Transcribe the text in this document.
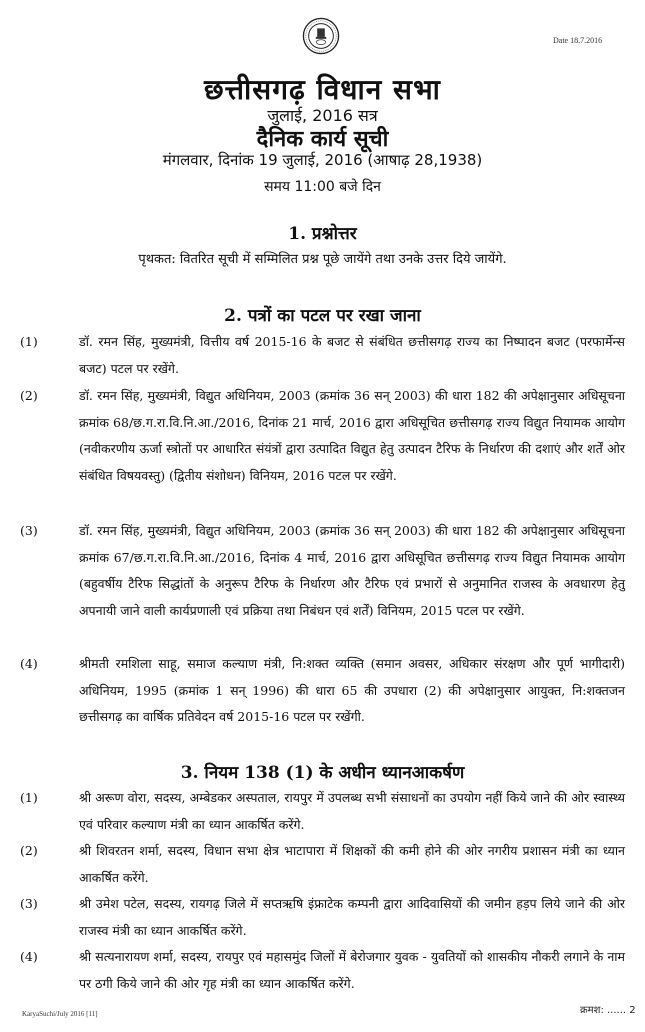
Date 18.7.2016
छत्तीसगढ़ विधान सभा
जुलाई, 2016 सत्र
दैनिक कार्य सूची
मंगलवार, दिनांक 19 जुलाई, 2016 (आषाढ़ 28,1938)
समय 11:00 बजे दिन
1. प्रश्नोत्तर
पृथकत: वितरित सूची में सम्मिलित प्रश्न पूछे जायेंगे तथा उनके उत्तर दिये जायेंगे.
2. पत्रों का पटल पर रखा जाना
(1)	डॉ. रमन सिंह, मुख्यमंत्री, वित्तीय वर्ष 2015-16 के बजट से संबंधित छत्तीसगढ़ राज्य का निष्पादन बजट (परफार्मेन्स बजट) पटल पर रखेंगे.
(2)	डॉ. रमन सिंह, मुख्यमंत्री, विद्युत अधिनियम, 2003 (क्रमांक 36 सन् 2003) की धारा 182 की अपेक्षानुसार अधिसूचना क्रमांक 68/छ.ग.रा.वि.नि.आ./2016, दिनांक 21 मार्च, 2016 द्वारा अधिसूचित छत्तीसगढ़ राज्य विद्युत नियामक आयोग (नवीकरणीय ऊर्जा स्त्रोतों पर आधारित संयंत्रों द्वारा उत्पादित विद्युत हेतु उत्पादन टैरिफ के निर्धारण की दशाएं और शर्तें ओर संबंधित विषयवस्तु) (द्वितीय संशोधन) विनियम, 2016 पटल पर रखेंगे.
(3)	डॉ. रमन सिंह, मुख्यमंत्री, विद्युत अधिनियम, 2003 (क्रमांक 36 सन् 2003) की धारा 182 की अपेक्षानुसार अधिसूचना क्रमांक 67/छ.ग.रा.वि.नि.आ./2016, दिनांक 4 मार्च, 2016 द्वारा अधिसूचित छत्तीसगढ़ राज्य विद्युत नियामक आयोग (बहुवर्षीय टैरिफ सिद्धांतों के अनुरूप टैरिफ के निर्धारण और टैरिफ एवं प्रभारों से अनुमानित राजस्व के अवधारण हेतु अपनायी जाने वाली कार्यप्रणाली एवं प्रक्रिया तथा निबंधन एवं शर्तें) विनियम, 2015 पटल पर रखेंगे.
(4)	श्रीमती रमशिला साहू, समाज कल्याण मंत्री, नि:शक्त व्यक्ति (समान अवसर, अधिकार संरक्षण और पूर्ण भागीदारी) अधिनियम, 1995 (क्रमांक 1 सन् 1996) की धारा 65 की उपधारा (2) की अपेक्षानुसार आयुक्त, नि:शक्तजन छत्तीसगढ़ का वार्षिक प्रतिवेदन वर्ष 2015-16 पटल पर रखेंगी.
3. नियम 138 (1) के अधीन ध्यानआकर्षण
(1)	श्री अरूण वोरा, सदस्य, अम्बेडकर अस्पताल, रायपुर में उपलब्ध सभी संसाधनों का उपयोग नहीं किये जाने की ओर स्वास्थ्य एवं परिवार कल्याण मंत्री का ध्यान आकर्षित करेंगे.
(2)	श्री शिवरतन शर्मा, सदस्य, विधान सभा क्षेत्र भाटापारा में शिक्षकों की कमी होने की ओर नगरीय प्रशासन मंत्री का ध्यान आकर्षित करेंगे.
(3)	श्री उमेश पटेल, सदस्य, रायगढ़ जिले में सप्तऋषि इंफ्राटेक कम्पनी द्वारा आदिवासियों की जमीन हड़प लिये जाने की ओर राजस्व मंत्री का ध्यान आकर्षित करेंगे.
(4)	श्री सत्यनारायण शर्मा, सदस्य, रायपुर एवं महासमुंद जिलों में बेरोजगार युवक - युवतियों को शासकीय नौकरी लगाने के नाम पर ठगी किये जाने की ओर गृह मंत्री का ध्यान आकर्षित करेंगे.
KaryaSuchi/July 2016 [11]	क्रमश: ...... 2
